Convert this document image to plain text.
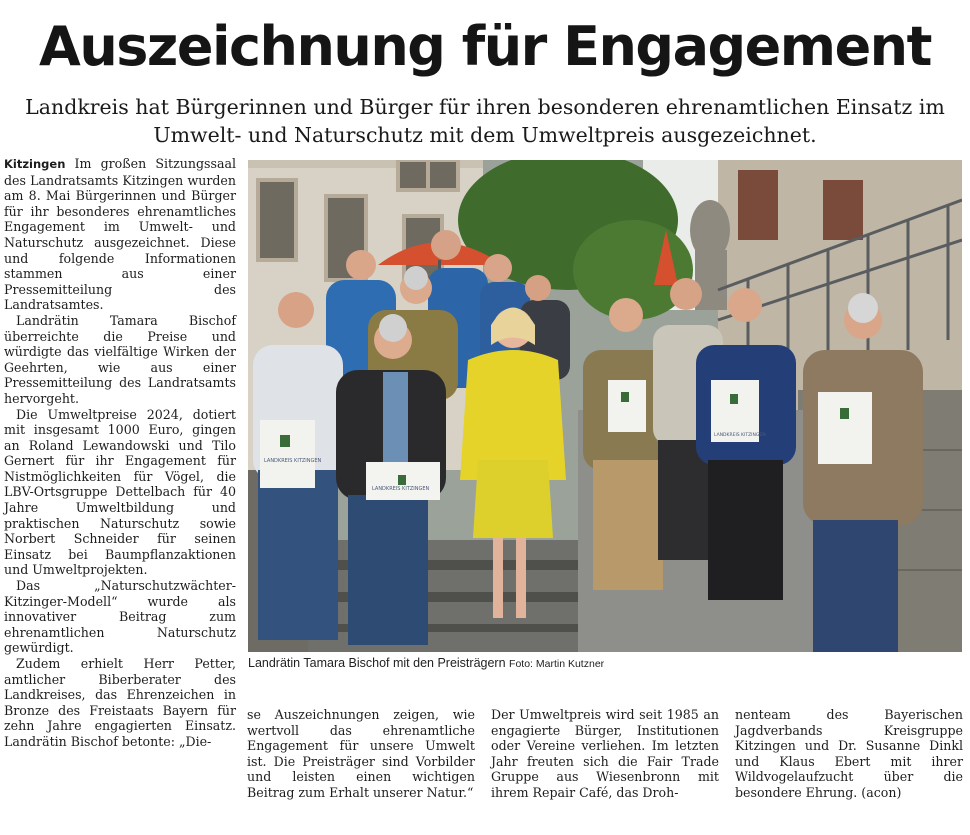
Auszeichnung für Engagement

Landkreis hat Bürgerinnen und Bürger für ihren besonderen ehrenamtlichen Einsatz im Umwelt- und Naturschutz mit dem Umweltpreis ausgezeichnet.

Kitzingen Im großen Sitzungssaal des Landratsamts Kitzingen wurden am 8. Mai Bürgerinnen und Bürger für ihr besonderes ehrenamtliches Engagement im Umwelt- und Naturschutz ausgezeichnet. Diese und folgende Informationen stammen aus einer Pressemitteilung des Landratsamtes.

Landrätin Tamara Bischof überreichte die Preise und würdigte das vielfältige Wirken der Geehrten, wie aus einer Pressemitteilung des Landratsamts hervorgeht.

Die Umweltpreise 2024, dotiert mit insgesamt 1000 Euro, gingen an Roland Lewandowski und Tilo Gernert für ihr Engagement für Nistmöglichkeiten für Vögel, die LBV-Ortsgruppe Dettelbach für 40 Jahre Umweltbildung und praktischen Naturschutz sowie Norbert Schneider für seinen Einsatz bei Baumpflanzaktionen und Umweltprojekten.

Das „Naturschutzwächter-Kitzinger-Modell“ wurde als innovativer Beitrag zum ehrenamtlichen Naturschutz gewürdigt.

Zudem erhielt Herr Petter, amtlicher Biberberater des Landkreises, das Ehrenzeichen in Bronze des Freistaats Bayern für zehn Jahre engagierten Einsatz. Landrätin Bischof betonte: „Die-

LANDKREIS KITZINGEN
LANDKREIS KITZINGEN
LANDKREIS KITZINGEN
Landrätin Tamara Bischof mit den Preisträgern Foto: Martin Kutzner

se Auszeichnungen zeigen, wie wertvoll das ehrenamtliche Engagement für unsere Umwelt ist. Die Preisträger sind Vorbilder und leisten einen wichtigen Beitrag zum Erhalt unserer Natur.“

Der Umweltpreis wird seit 1985 an engagierte Bürger, Institutionen oder Vereine verliehen. Im letzten Jahr freuten sich die Fair Trade Gruppe aus Wiesenbronn mit ihrem Repair Café, das Droh-

nenteam des Bayerischen Jagdverbands Kreisgruppe Kitzingen und Dr. Susanne Dinkl und Klaus Ebert mit ihrer Wildvogelaufzucht über die besondere Ehrung. (acon)
